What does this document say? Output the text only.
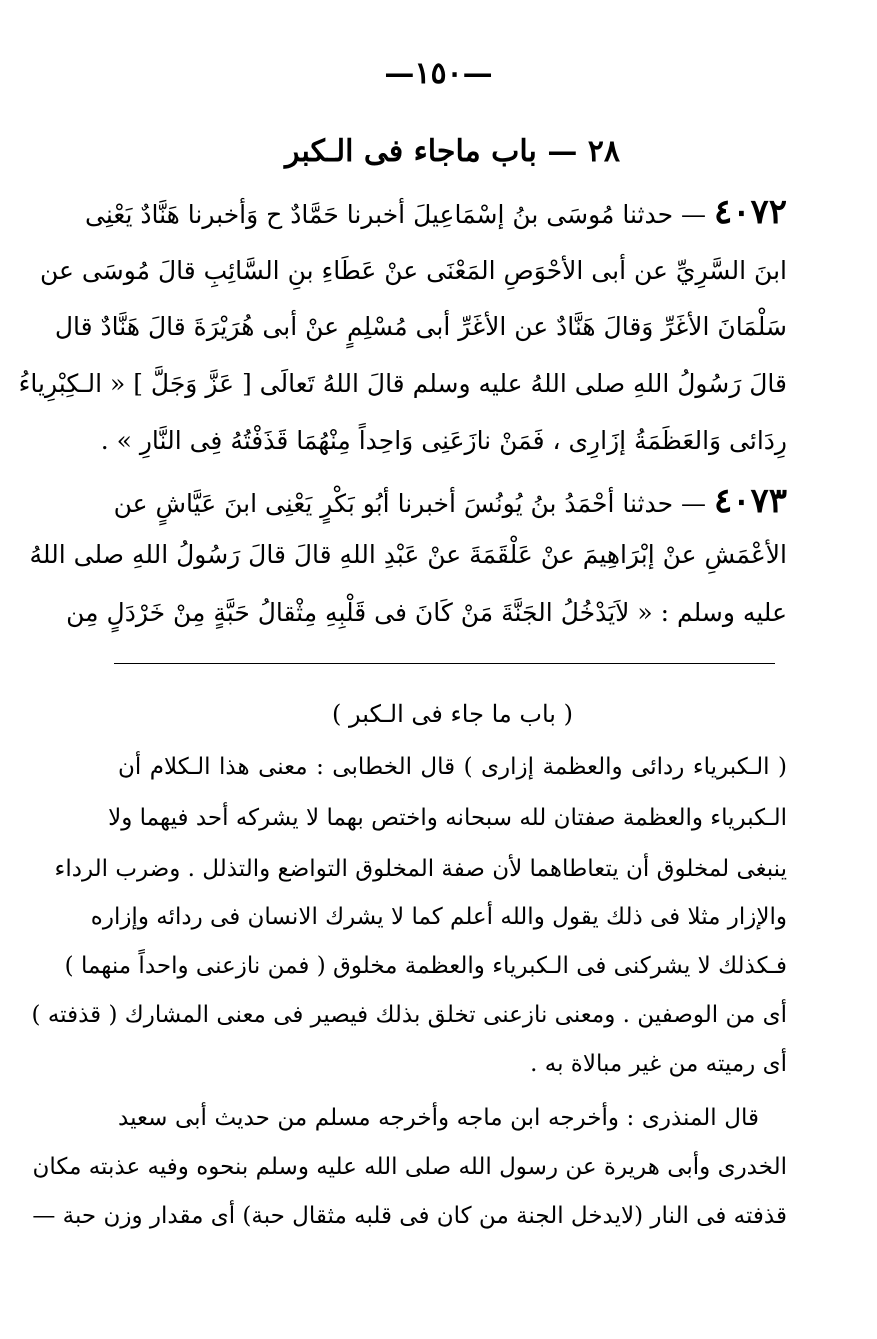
—١٥٠—
٢٨ — باب ماجاء فى الـكبر
٤٠٧٢ — حدثنا مُوسَى بنُ إسْمَاعِيلَ أخبرنا حَمَّادٌ ح وَأخبرنا هَنَّادٌ يَعْنِى
ابنَ السَّرِيِّ عن أبى الأحْوَصِ المَعْنَى عنْ عَطَاءِ بنِ السَّائِبِ قالَ مُوسَى عن
سَلْمَانَ الأغَرِّ وَقالَ هَنَّادٌ عن الأغَرِّ أبى مُسْلِمٍ عنْ أبى هُرَيْرَةَ قالَ هَنَّادٌ قال
قالَ رَسُولُ اللهِ صلى اللهُ عليه وسلم قالَ اللهُ تَعالَى [ عَزَّ وَجَلَّ ] « الـكِبْرِياءُ
رِدَائى وَالعَظَمَةُ إزَارِى ، فَمَنْ نازَعَنِى وَاحِداً مِنْهُمَا قَذَفْتُهُ فِى النَّارِ » .
٤٠٧٣ — حدثنا أحْمَدُ بنُ يُونُسَ أخبرنا أبُو بَكْرٍ يَعْنِى ابنَ عَيَّاشٍ عن
الأعْمَشِ عنْ إبْرَاهِيمَ عنْ عَلْقَمَةَ عنْ عَبْدِ اللهِ قالَ قالَ رَسُولُ اللهِ صلى اللهُ
عليه وسلم : « لاَيَدْخُلُ الجَنَّةَ مَنْ كَانَ فى قَلْبِهِ مِثْقالُ حَبَّةٍ مِنْ خَرْدَلٍ مِن
( باب ما جاء فى الـكبر )
( الـكبرياء ردائى والعظمة إزارى ) قال الخطابى : معنى هذا الـكلام أن
الـكبرياء والعظمة صفتان لله سبحانه واختص بهما لا يشركه أحد فيهما ولا
ينبغى لمخلوق أن يتعاطاهما لأن صفة المخلوق التواضع والتذلل . وضرب الرداء
والإزار مثلا فى ذلك يقول والله أعلم كما لا يشرك الانسان فى ردائه وإزاره
فـكذلك لا يشركنى فى الـكبرياء والعظمة مخلوق ( فمن نازعنى واحداً منهما )
أى من الوصفين . ومعنى نازعنى تخلق بذلك فيصير فى معنى المشارك ( قذفته )
أى رميته من غير مبالاة به .
قال المنذرى : وأخرجه ابن ماجه وأخرجه مسلم من حديث أبى سعيد
الخدرى وأبى هريرة عن رسول الله صلى الله عليه وسلم بنحوه وفيه عذبته مكان
قذفته فى النار (لايدخل الجنة من كان فى قلبه مثقال حبة) أى مقدار وزن حبة —
